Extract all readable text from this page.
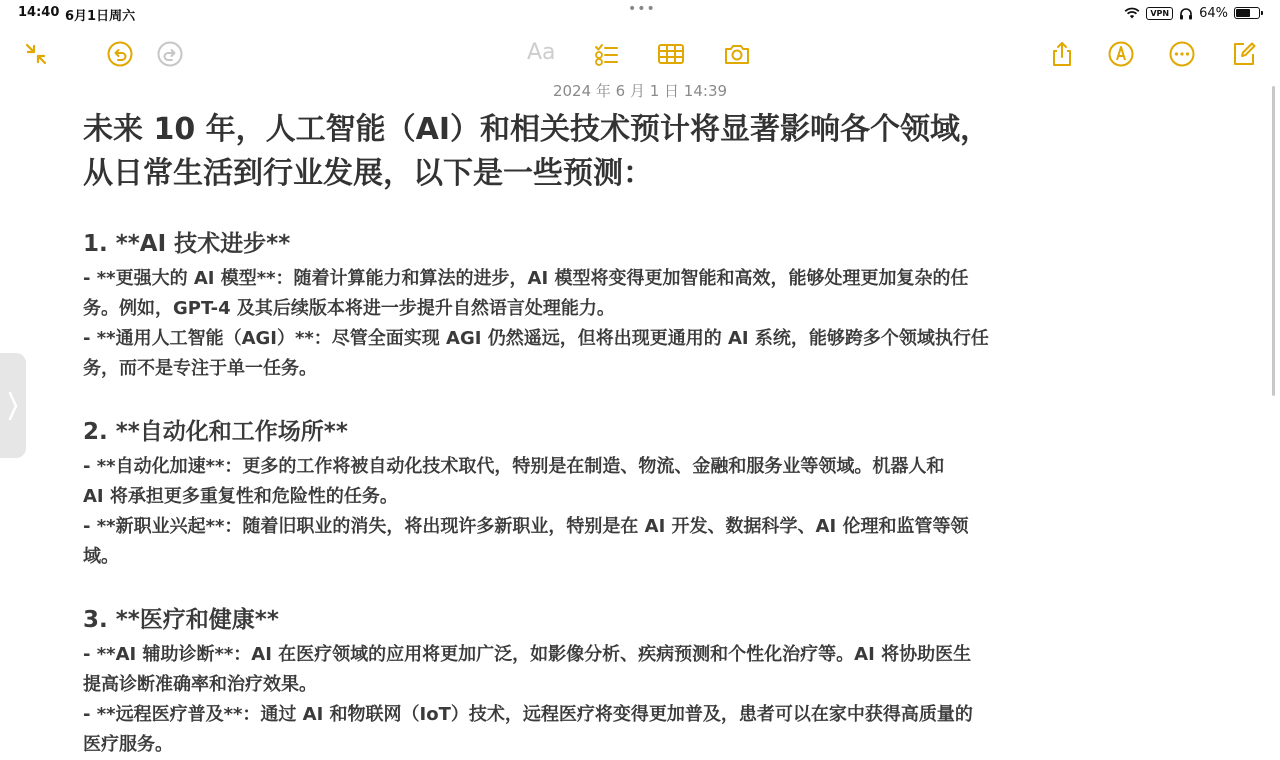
14:40 6月1日周六	•••	VPN	64%
Aa
2024 年 6 月 1 日 14:39
未来 10 年，人工智能（AI）和相关技术预计将显著影响各个领域，
从日常生活到行业发展，以下是一些预测：
1. **AI 技术进步**

- **更强大的 AI 模型**：随着计算能力和算法的进步，AI 模型将变得更加智能和高效，能够处理更加复杂的任

务。例如，GPT-4 及其后续版本将进一步提升自然语言处理能力。

- **通用人工智能（AGI）**：尽管全面实现 AGI 仍然遥远，但将出现更通用的 AI 系统，能够跨多个领域执行任

务，而不是专注于单一任务。

2. **自动化和工作场所**

- **自动化加速**：更多的工作将被自动化技术取代，特别是在制造、物流、金融和服务业等领域。机器人和

AI 将承担更多重复性和危险性的任务。

- **新职业兴起**：随着旧职业的消失，将出现许多新职业，特别是在 AI 开发、数据科学、AI 伦理和监管等领

域。

3. **医疗和健康**

- **AI 辅助诊断**：AI 在医疗领域的应用将更加广泛，如影像分析、疾病预测和个性化治疗等。AI 将协助医生

提高诊断准确率和治疗效果。

- **远程医疗普及**：通过 AI 和物联网（IoT）技术，远程医疗将变得更加普及，患者可以在家中获得高质量的

医疗服务。
